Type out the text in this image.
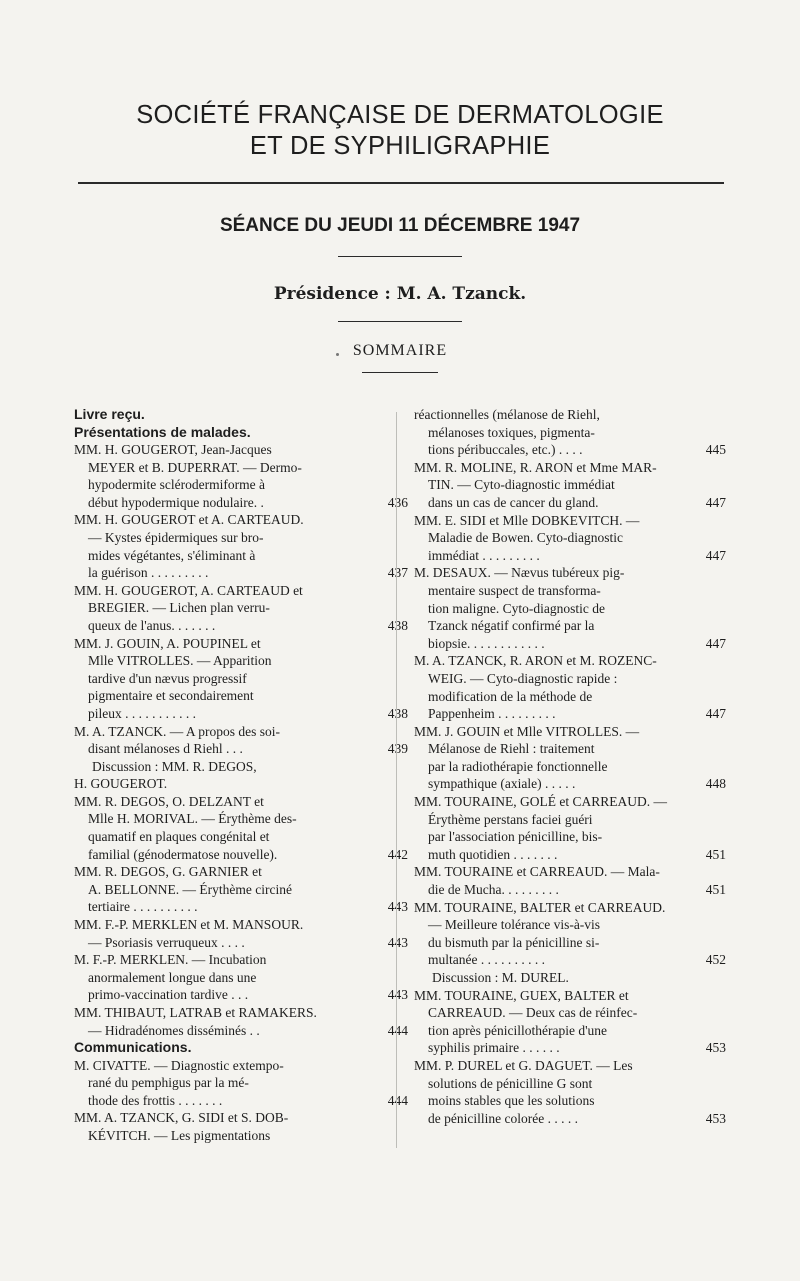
SOCIÉTÉ FRANÇAISE DE DERMATOLOGIE
ET DE SYPHILIGRAPHIE
SÉANCE DU JEUDI 11 DÉCEMBRE 1947
Présidence : M. A. Tzanck.
SOMMAIRE
Livre reçu.
Présentations de malades.
MM. H. GOUGEROT, Jean-Jacques
MEYER et B. DUPERRAT. — Dermo-
hypodermite sclérodermiforme à
début hypodermique nodulaire. .	436
MM. H. GOUGEROT et A. CARTEAUD.
— Kystes épidermiques sur bro-
mides végétantes, s'éliminant à
la guérison . . . . . . . . .	437
MM. H. GOUGEROT, A. CARTEAUD et
BREGIER. — Lichen plan verru-
queux de l'anus. . . . . . .	438
MM. J. GOUIN, A. POUPINEL et
Mlle VITROLLES. — Apparition
tardive d'un nævus progressif
pigmentaire et secondairement
pileux . . . . . . . . . . .	438
M. A. TZANCK. — A propos des soi-
disant mélanoses d Riehl . . .	439
Discussion : MM. R. DEGOS,
H. GOUGEROT.
MM. R. DEGOS, O. DELZANT et
Mlle H. MORIVAL. — Érythème des-
quamatif en plaques congénital et
familial (génodermatose nouvelle).	442
MM. R. DEGOS, G. GARNIER et
A. BELLONNE. — Érythème circiné
tertiaire . . . . . . . . . .	443
MM. F.-P. MERKLEN et M. MANSOUR.
— Psoriasis verruqueux . . . .	443
M. F.-P. MERKLEN. — Incubation
anormalement longue dans une
primo-vaccination tardive . . .	443
MM. THIBAUT, LATRAB et RAMAKERS.
— Hidradénomes disséminés . .	444
Communications.
M. CIVATTE. — Diagnostic extempo-
rané du pemphigus par la mé-
thode des frottis . . . . . . .	444
MM. A. TZANCK, G. SIDI et S. DOB-
KÉVITCH. — Les pigmentations
réactionnelles (mélanose de Riehl,
mélanoses toxiques, pigmenta-
tions péribuccales, etc.) . . . .	445
MM. R. MOLINE, R. ARON et Mme MAR-
TIN. — Cyto-diagnostic immédiat
dans un cas de cancer du gland.	447
MM. E. SIDI et Mlle DOBKEVITCH. —
Maladie de Bowen. Cyto-diagnostic
immédiat . . . . . . . . .	447
M. DESAUX. — Nævus tubéreux pig-
mentaire suspect de transforma-
tion maligne. Cyto-diagnostic de
Tzanck négatif confirmé par la
biopsie. . . . . . . . . . . .	447
M. A. TZANCK, R. ARON et M. ROZENC-
WEIG. — Cyto-diagnostic rapide :
modification de la méthode de
Pappenheim . . . . . . . . .	447
MM. J. GOUIN et Mlle VITROLLES. —
Mélanose de Riehl : traitement
par la radiothérapie fonctionnelle
sympathique (axiale) . . . . .	448
MM. TOURAINE, GOLÉ et CARREAUD. —
Érythème perstans faciei guéri
par l'association pénicilline, bis-
muth quotidien . . . . . . .	451
MM. TOURAINE et CARREAUD. — Mala-
die de Mucha. . . . . . . . .	451
MM. TOURAINE, BALTER et CARREAUD.
— Meilleure tolérance vis-à-vis
du bismuth par la pénicilline si-
multanée . . . . . . . . . .	452
Discussion : M. DUREL.
MM. TOURAINE, GUEX, BALTER et
CARREAUD. — Deux cas de réinfec-
tion après pénicillothérapie d'une
syphilis primaire . . . . . .	453
MM. P. DUREL et G. DAGUET. — Les
solutions de pénicilline G sont
moins stables que les solutions
de pénicilline colorée . . . . .	453
